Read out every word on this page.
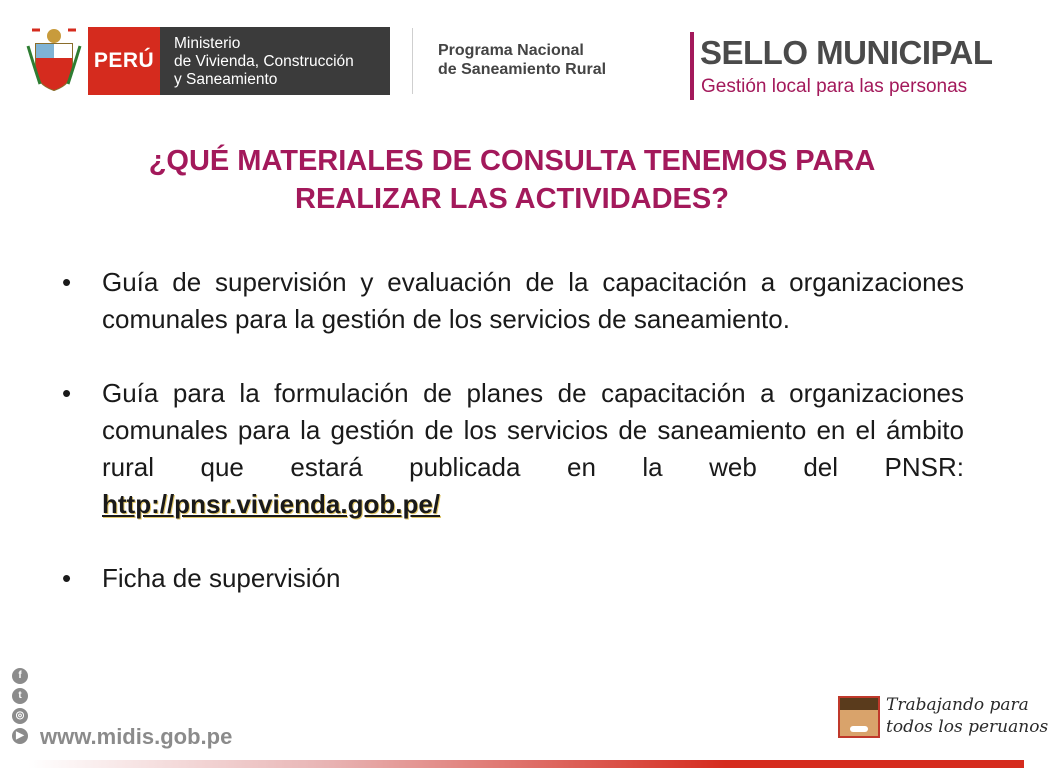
PERÚ
Ministerio
de Vivienda, Construcción
y Saneamiento
Programa Nacional
de Saneamiento Rural	SELLO MUNICIPAL
Gestión local para las personas
¿QUÉ MATERIALES DE CONSULTA TENEMOS PARA
REALIZAR LAS ACTIVIDADES?
• Guía de supervisión y evaluación de la capacitación a organizaciones comunales para la gestión de los servicios de saneamiento.
• Guía para la formulación de planes de capacitación a organizaciones comunales para la gestión de los servicios de saneamiento en el ámbito rural que estará publicada en la web del PNSR: http://pnsr.vivienda.gob.pe/
• Ficha de supervisión
f
t
◎
▶ www.midis.gob.pe
Trabajando para
todos los peruanos
